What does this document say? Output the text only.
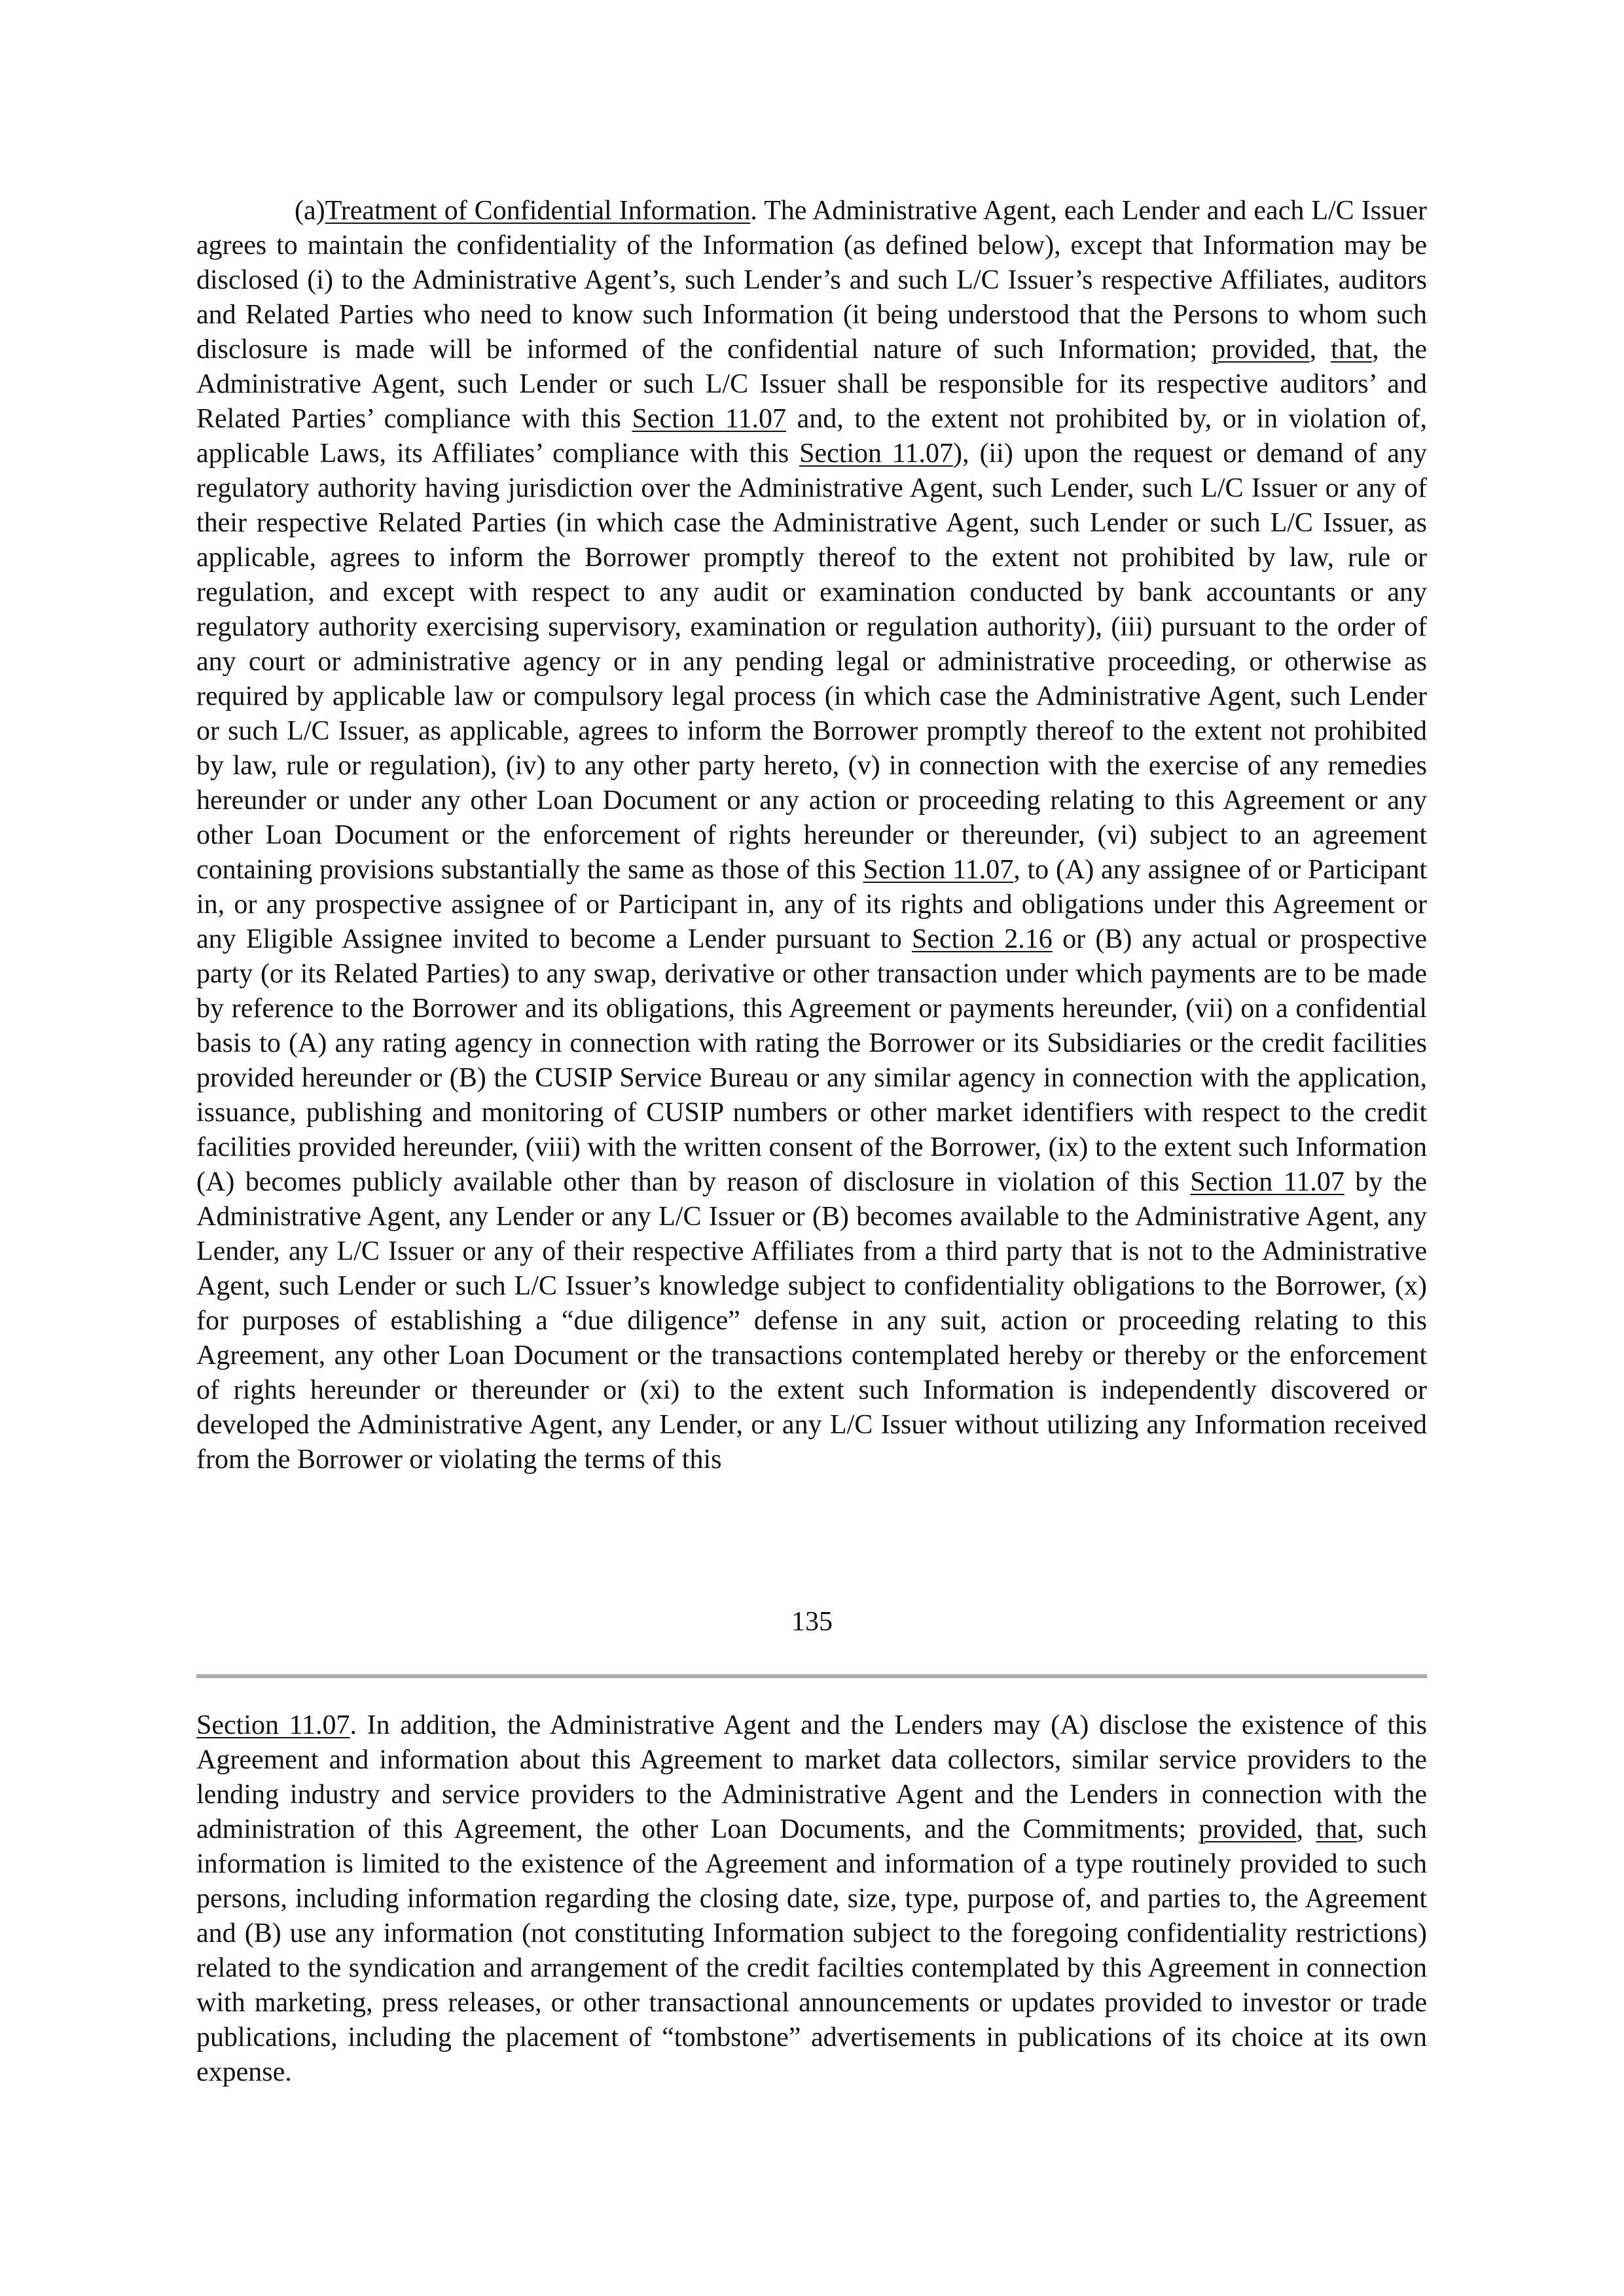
(a)Treatment of Confidential Information. The Administrative Agent, each Lender and each L/C Issuer agrees to maintain the confidentiality of the Information (as defined below), except that Information may be disclosed (i) to the Administrative Agent’s, such Lender’s and such L/C Issuer’s respective Affiliates, auditors and Related Parties who need to know such Information (it being understood that the Persons to whom such disclosure is made will be informed of the confidential nature of such Information; provided, that, the Administrative Agent, such Lender or such L/C Issuer shall be responsible for its respective auditors’ and Related Parties’ compliance with this Section 11.07 and, to the extent not prohibited by, or in violation of, applicable Laws, its Affiliates’ compliance with this Section 11.07), (ii) upon the request or demand of any regulatory authority having jurisdiction over the Administrative Agent, such Lender, such L/C Issuer or any of their respective Related Parties (in which case the Administrative Agent, such Lender or such L/C Issuer, as applicable, agrees to inform the Borrower promptly thereof to the extent not prohibited by law, rule or regulation, and except with respect to any audit or examination conducted by bank accountants or any regulatory authority exercising supervisory, examination or regulation authority), (iii) pursuant to the order of any court or administrative agency or in any pending legal or administrative proceeding, or otherwise as required by applicable law or compulsory legal process (in which case the Administrative Agent, such Lender or such L/C Issuer, as applicable, agrees to inform the Borrower promptly thereof to the extent not prohibited by law, rule or regulation), (iv) to any other party hereto, (v) in connection with the exercise of any remedies hereunder or under any other Loan Document or any action or proceeding relating to this Agreement or any other Loan Document or the enforcement of rights hereunder or thereunder, (vi) subject to an agreement containing provisions substantially the same as those of this Section 11.07, to (A) any assignee of or Participant in, or any prospective assignee of or Participant in, any of its rights and obligations under this Agreement or any Eligible Assignee invited to become a Lender pursuant to Section 2.16 or (B) any actual or prospective party (or its Related Parties) to any swap, derivative or other transaction under which payments are to be made by reference to the Borrower and its obligations, this Agreement or payments hereunder, (vii) on a confidential basis to (A) any rating agency in connection with rating the Borrower or its Subsidiaries or the credit facilities provided hereunder or (B) the CUSIP Service Bureau or any similar agency in connection with the application, issuance, publishing and monitoring of CUSIP numbers or other market identifiers with respect to the credit facilities provided hereunder, (viii) with the written consent of the Borrower, (ix) to the extent such Information (A) becomes publicly available other than by reason of disclosure in violation of this Section 11.07 by the Administrative Agent, any Lender or any L/C Issuer or (B) becomes available to the Administrative Agent, any Lender, any L/C Issuer or any of their respective Affiliates from a third party that is not to the Administrative Agent, such Lender or such L/C Issuer’s knowledge subject to confidentiality obligations to the Borrower, (x) for purposes of establishing a “due diligence” defense in any suit, action or proceeding relating to this Agreement, any other Loan Document or the transactions contemplated hereby or thereby or the enforcement of rights hereunder or thereunder or (xi) to the extent such Information is independently discovered or developed the Administrative Agent, any Lender, or any L/C Issuer without utilizing any Information received from the Borrower or violating the terms of this
135
Section 11.07. In addition, the Administrative Agent and the Lenders may (A) disclose the existence of this Agreement and information about this Agreement to market data collectors, similar service providers to the lending industry and service providers to the Administrative Agent and the Lenders in connection with the administration of this Agreement, the other Loan Documents, and the Commitments; provided, that, such information is limited to the existence of the Agreement and information of a type routinely provided to such persons, including information regarding the closing date, size, type, purpose of, and parties to, the Agreement and (B) use any information (not constituting Information subject to the foregoing confidentiality restrictions) related to the syndication and arrangement of the credit facilties contemplated by this Agreement in connection with marketing, press releases, or other transactional announcements or updates provided to investor or trade publications, including the placement of “tombstone” advertisements in publications of its choice at its own expense.
